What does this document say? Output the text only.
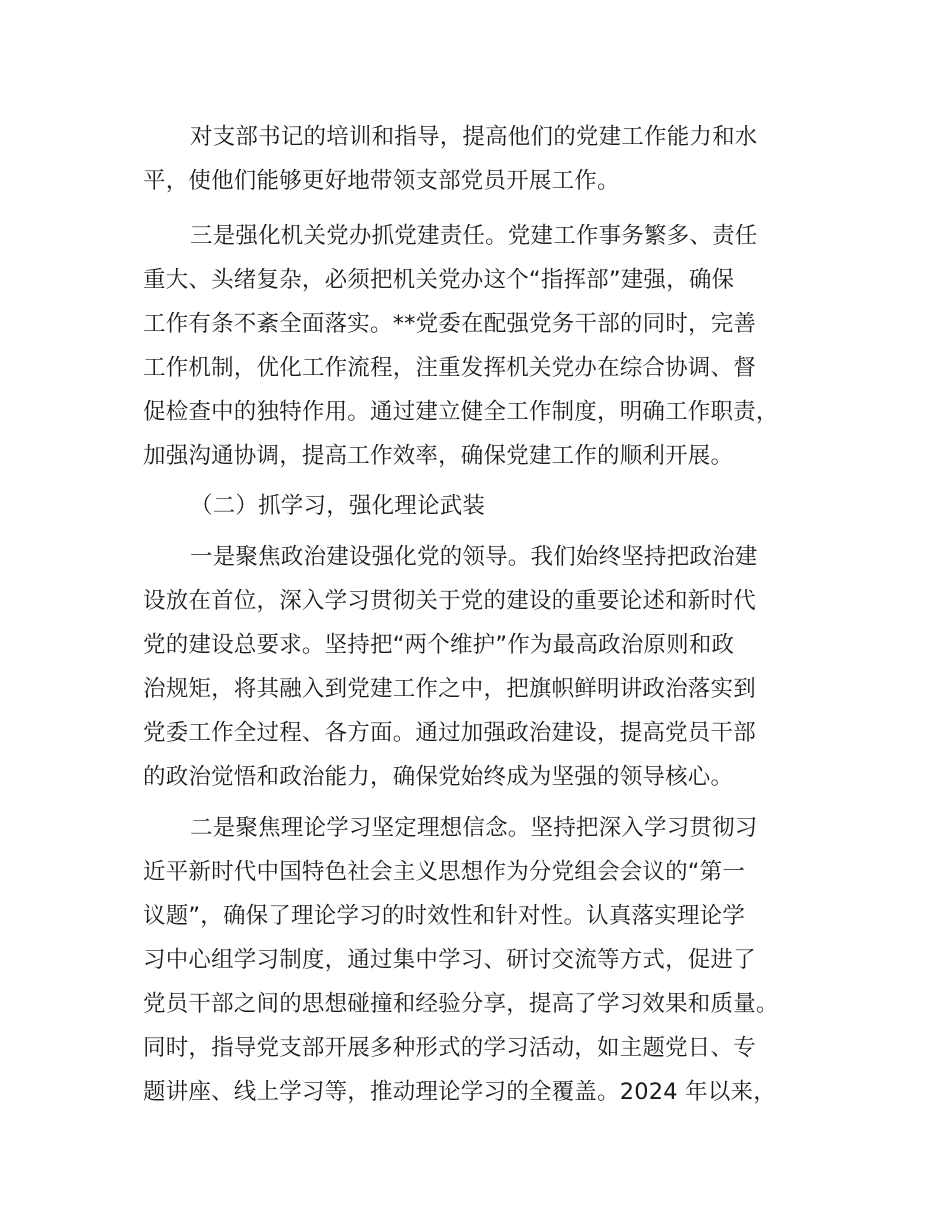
对支部书记的培训和指导，提高他们的党建工作能力和水
平，使他们能够更好地带领支部党员开展工作。
三是强化机关党办抓党建责任。党建工作事务繁多、责任
重大、头绪复杂，必须把机关党办这个“指挥部”建强，确保
工作有条不紊全面落实。**党委在配强党务干部的同时，完善
工作机制，优化工作流程，注重发挥机关党办在综合协调、督
促检查中的独特作用。通过建立健全工作制度，明确工作职责，
加强沟通协调，提高工作效率，确保党建工作的顺利开展。
（二）抓学习，强化理论武装
一是聚焦政治建设强化党的领导。我们始终坚持把政治建
设放在首位，深入学习贯彻关于党的建设的重要论述和新时代
党的建设总要求。坚持把“两个维护”作为最高政治原则和政
治规矩，将其融入到党建工作之中，把旗帜鲜明讲政治落实到
党委工作全过程、各方面。通过加强政治建设，提高党员干部
的政治觉悟和政治能力，确保党始终成为坚强的领导核心。
二是聚焦理论学习坚定理想信念。坚持把深入学习贯彻习
近平新时代中国特色社会主义思想作为分党组会会议的“第一
议题”，确保了理论学习的时效性和针对性。认真落实理论学
习中心组学习制度，通过集中学习、研讨交流等方式，促进了
党员干部之间的思想碰撞和经验分享，提高了学习效果和质量。
同时，指导党支部开展多种形式的学习活动，如主题党日、专
题讲座、线上学习等，推动理论学习的全覆盖。2024 年以来，
